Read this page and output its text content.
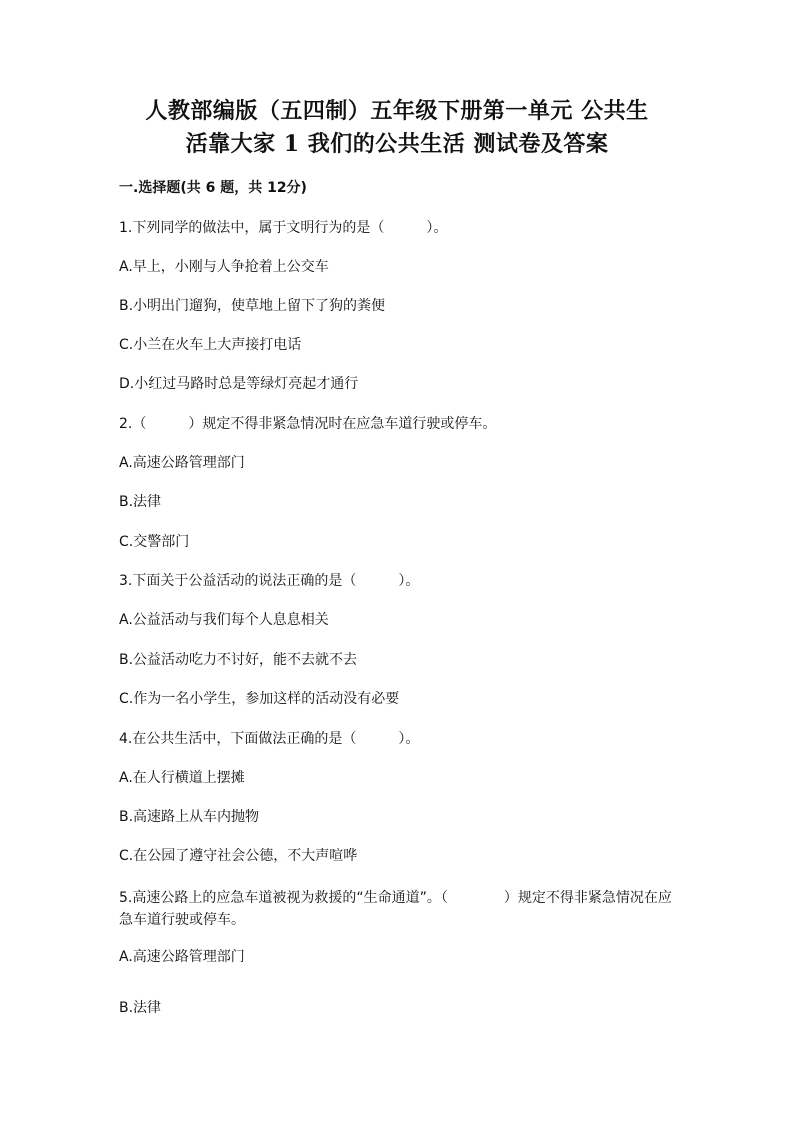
人教部编版（五四制）五年级下册第一单元 公共生
活靠大家 1 我们的公共生活 测试卷及答案
一.选择题(共 6 题，共 12分)
1.下列同学的做法中，属于文明行为的是（　　　）。
A.早上，小刚与人争抢着上公交车
B.小明出门遛狗，使草地上留下了狗的粪便
C.小兰在火车上大声接打电话
D.小红过马路时总是等绿灯亮起才通行
2.（　　　）规定不得非紧急情况时在应急车道行驶或停车。
A.高速公路管理部门
B.法律
C.交警部门
3.下面关于公益活动的说法正确的是（　　　）。
A.公益活动与我们每个人息息相关
B.公益活动吃力不讨好，能不去就不去
C.作为一名小学生，参加这样的活动没有必要
4.在公共生活中，下面做法正确的是（　　　）。
A.在人行横道上摆摊
B.高速路上从车内抛物
C.在公园了遵守社会公德，不大声喧哗
5.高速公路上的应急车道被视为救援的“生命通道”。（　　　　）规定不得非紧急情况在应急车道行驶或停车。
A.高速公路管理部门
B.法律
